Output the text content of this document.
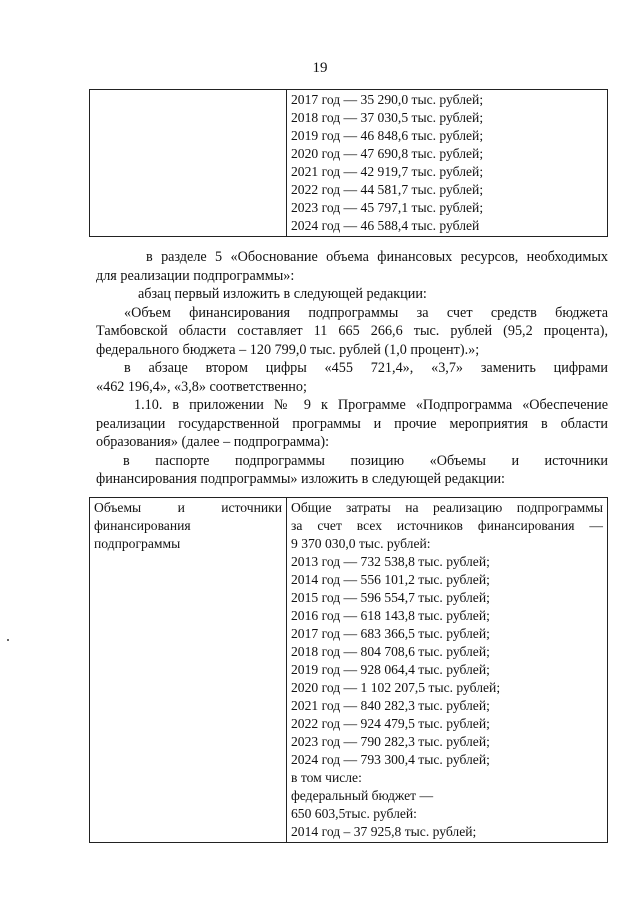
19

2017 год — 35 290,0 тыс. рублей;
2018 год — 37 030,5 тыс. рублей;
2019 год — 46 848,6 тыс. рублей;
2020 год — 47 690,8 тыс. рублей;
2021 год — 42 919,7 тыс. рублей;
2022 год — 44 581,7 тыс. рублей;
2023 год — 45 797,1 тыс. рублей;
2024 год — 46 588,4 тыс. рублей
в разделе 5 «Обоснование объема финансовых ресурсов, необходимых
для реализации подпрограммы»:
абзац первый изложить в следующей редакции:
«Объем финансирования подпрограммы за счет средств бюджета
Тамбовской области составляет 11 665 266,6 тыс. рублей (95,2 процента),
федерального бюджета – 120 799,0 тыс. рублей (1,0 процент).»;
в абзаце втором цифры «455 721,4», «3,7» заменить цифрами
«462 196,4», «3,8» соответственно;
1.10. в приложении № 9 к Программе «Подпрограмма «Обеспечение
реализации государственной программы и прочие мероприятия в области
образования» (далее – подпрограмма):
в паспорте подпрограммы позицию «Объемы и источники
финансирования подпрограммы» изложить в следующей редакции:
Объемы и источники
финансирования
подпрограммы

Общие затраты на реализацию подпрограммы
за счет всех источников финансирования —
9 370 030,0 тыс. рублей:
2013 год — 732 538,8 тыс. рублей;
2014 год — 556 101,2 тыс. рублей;
2015 год — 596 554,7 тыс. рублей;
2016 год — 618 143,8 тыс. рублей;
2017 год — 683 366,5 тыс. рублей;
2018 год — 804 708,6 тыс. рублей;
2019 год — 928 064,4 тыс. рублей;
2020 год — 1 102 207,5 тыс. рублей;
2021 год — 840 282,3 тыс. рублей;
2022 год — 924 479,5 тыс. рублей;
2023 год — 790 282,3 тыс. рублей;
2024 год — 793 300,4 тыс. рублей;
в том числе:
федеральный бюджет —
650 603,5тыс. рублей:
2014 год – 37 925,8 тыс. рублей;
